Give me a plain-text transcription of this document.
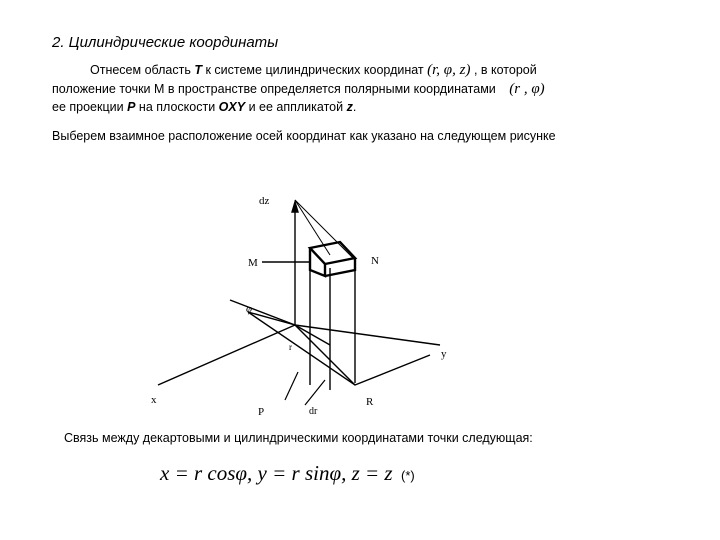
2. Цилиндрические координаты
Отнесем область T к системе цилиндрических координат (r, φ, z) , в которой
положение точки М в пространстве определяется полярными координатами (r , φ)
ее проекции P на плоскости OXY и ее аппликатой z.
Выберем взаимное расположение осей координат как указано на следующем рисунке
dz
M	N
φ
r
y
x
P	dr
R
Связь между декартовыми и цилиндрическими координатами точки следующая:
x = r cosφ, y = r sinφ, z = z (*)
